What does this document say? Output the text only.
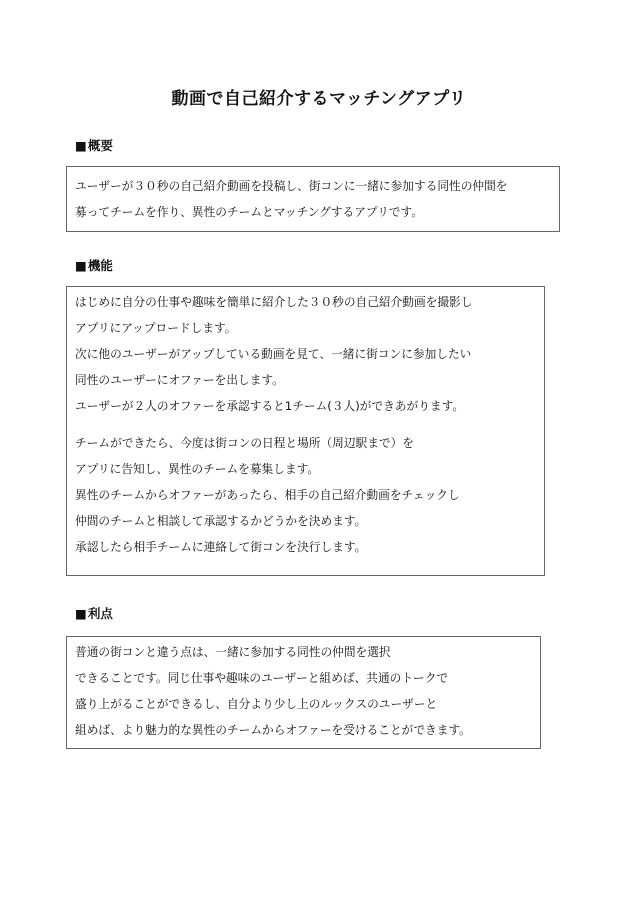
動画で自己紹介するマッチングアプリ
■概要
ユーザーが３０秒の自己紹介動画を投稿し、街コンに一緒に参加する同性の仲間を
募ってチームを作り、異性のチームとマッチングするアプリです。
■機能
はじめに自分の仕事や趣味を簡単に紹介した３０秒の自己紹介動画を撮影し
アプリにアップロードします。
次に他のユーザーがアップしている動画を見て、一緒に街コンに参加したい
同性のユーザーにオファーを出します。
ユーザーが２人のオファーを承認すると1チーム(３人)ができあがります。
チームができたら、今度は街コンの日程と場所（周辺駅まで）を
アプリに告知し、異性のチームを募集します。
異性のチームからオファーがあったら、相手の自己紹介動画をチェックし
仲間のチームと相談して承認するかどうかを決めます。
承認したら相手チームに連絡して街コンを決行します。
■利点
普通の街コンと違う点は、一緒に参加する同性の仲間を選択
できることです。同じ仕事や趣味のユーザーと組めば、共通のトークで
盛り上がることができるし、自分より少し上のルックスのユーザーと
組めば、より魅力的な異性のチームからオファーを受けることができます。
